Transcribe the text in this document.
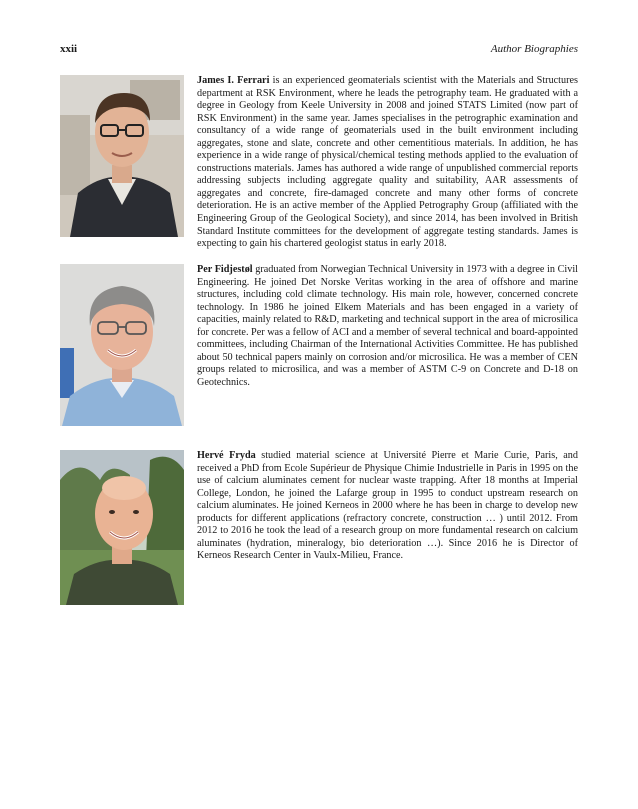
xxii	Author Biographies

James I. Ferrari is an experienced geomaterials scientist with the Materials and Structures department at RSK Environment, where he leads the petrography team. He graduated with a degree in Geology from Keele University in 2008 and joined STATS Limited (now part of RSK Environment) in the same year. James specialises in the petrographic examination and consultancy of a wide range of geomaterials used in the built environment including aggregates, stone and slate, concrete and other cementitious materials. In addition, he has experience in a wide range of physical/chemical testing methods applied to the evaluation of constructions materials. James has authored a wide range of unpublished commercial reports addressing subjects including aggregate quality and suitability, AAR assessments of aggregates and concrete, fire-damaged concrete and many other forms of concrete deterioration. He is an active member of the Applied Petrography Group (affiliated with the Engineering Group of the Geological Society), and since 2014, has been involved in British Standard Institute committees for the development of aggregate testing standards. James is expecting to gain his chartered geologist status in early 2018.

Per Fidjestøl graduated from Norwegian Technical University in 1973 with a degree in Civil Engineering. He joined Det Norske Veritas working in the area of offshore and marine structures, including cold climate technology. His main role, however, concerned concrete technology. In 1986 he joined Elkem Materials and has been engaged in a variety of capacities, mainly related to R&D, marketing and technical support in the area of microsilica for concrete. Per was a fellow of ACI and a member of several technical and board-appointed committees, including Chairman of the International Activities Committee. He has published about 50 technical papers mainly on corrosion and/or microsilica. He was a member of CEN groups related to microsilica, and was a member of ASTM C-9 on Concrete and D-18 on Geotechnics.

Hervé Fryda studied material science at Université Pierre et Marie Curie, Paris, and received a PhD from Ecole Supérieur de Physique Chimie Industrielle in Paris in 1995 on the use of calcium aluminates cement for nuclear waste trapping. After 18 months at Imperial College, London, he joined the Lafarge group in 1995 to conduct upstream research on calcium aluminates. He joined Kerneos in 2000 where he has been in charge to develop new products for different applications (refractory concrete, construction … ) until 2012. From 2012 to 2016 he took the lead of a research group on more fundamental research on calcium aluminates (hydration, mineralogy, bio deterioration …). Since 2016 he is Director of Kerneos Research Center in Vaulx-Milieu, France.
